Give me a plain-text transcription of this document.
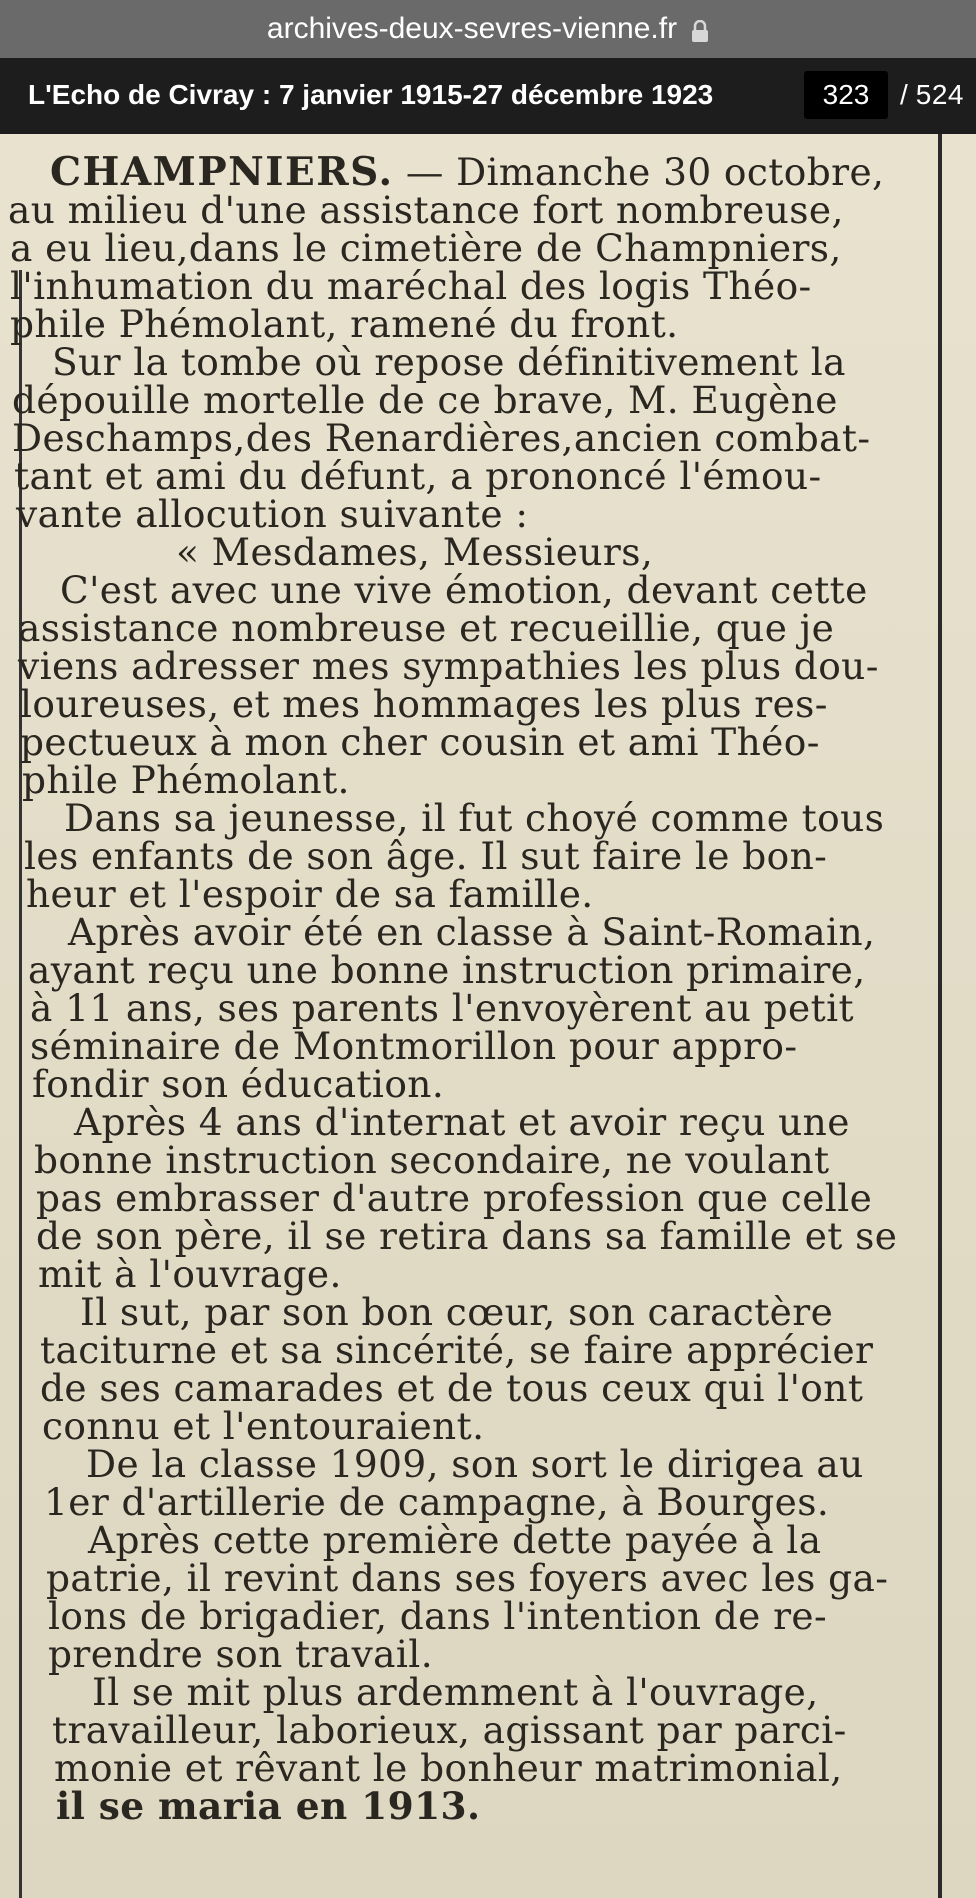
archives-deux-sevres-vienne.fr
L'Echo de Civray : 7 janvier 1915-27 décembre 1923	323	/ 524
CHAMPNIERS. — Dimanche 30 octobre,
au milieu d'une assistance fort nombreuse,
a eu lieu,dans le cimetière de Champniers,
l'inhumation du maréchal des logis Théo-
phile Phémolant, ramené du front.
Sur la tombe où repose définitivement la
dépouille mortelle de ce brave, M. Eugène
Deschamps,des Renardières,ancien combat-
tant et ami du défunt, a prononcé l'émou-
vante allocution suivante :
« Mesdames, Messieurs,
C'est avec une vive émotion, devant cette
assistance nombreuse et recueillie, que je
viens adresser mes sympathies les plus dou-
loureuses, et mes hommages les plus res-
pectueux à mon cher cousin et ami Théo-
phile Phémolant.
Dans sa jeunesse, il fut choyé comme tous
les enfants de son âge. Il sut faire le bon-
heur et l'espoir de sa famille.
Après avoir été en classe à Saint-Romain,
ayant reçu une bonne instruction primaire,
à 11 ans, ses parents l'envoyèrent au petit
séminaire de Montmorillon pour appro-
fondir son éducation.
Après 4 ans d'internat et avoir reçu une
bonne instruction secondaire, ne voulant
pas embrasser d'autre profession que celle
de son père, il se retira dans sa famille et se
mit à l'ouvrage.
Il sut, par son bon cœur, son caractère
taciturne et sa sincérité, se faire apprécier
de ses camarades et de tous ceux qui l'ont
connu et l'entouraient.
De la classe 1909, son sort le dirigea au
1er d'artillerie de campagne, à Bourges.
Après cette première dette payée à la
patrie, il revint dans ses foyers avec les ga-
lons de brigadier, dans l'intention de re-
prendre son travail.
Il se mit plus ardemment à l'ouvrage,
travailleur, laborieux, agissant par parci-
monie et rêvant le bonheur matrimonial,
il se maria en 1913.
